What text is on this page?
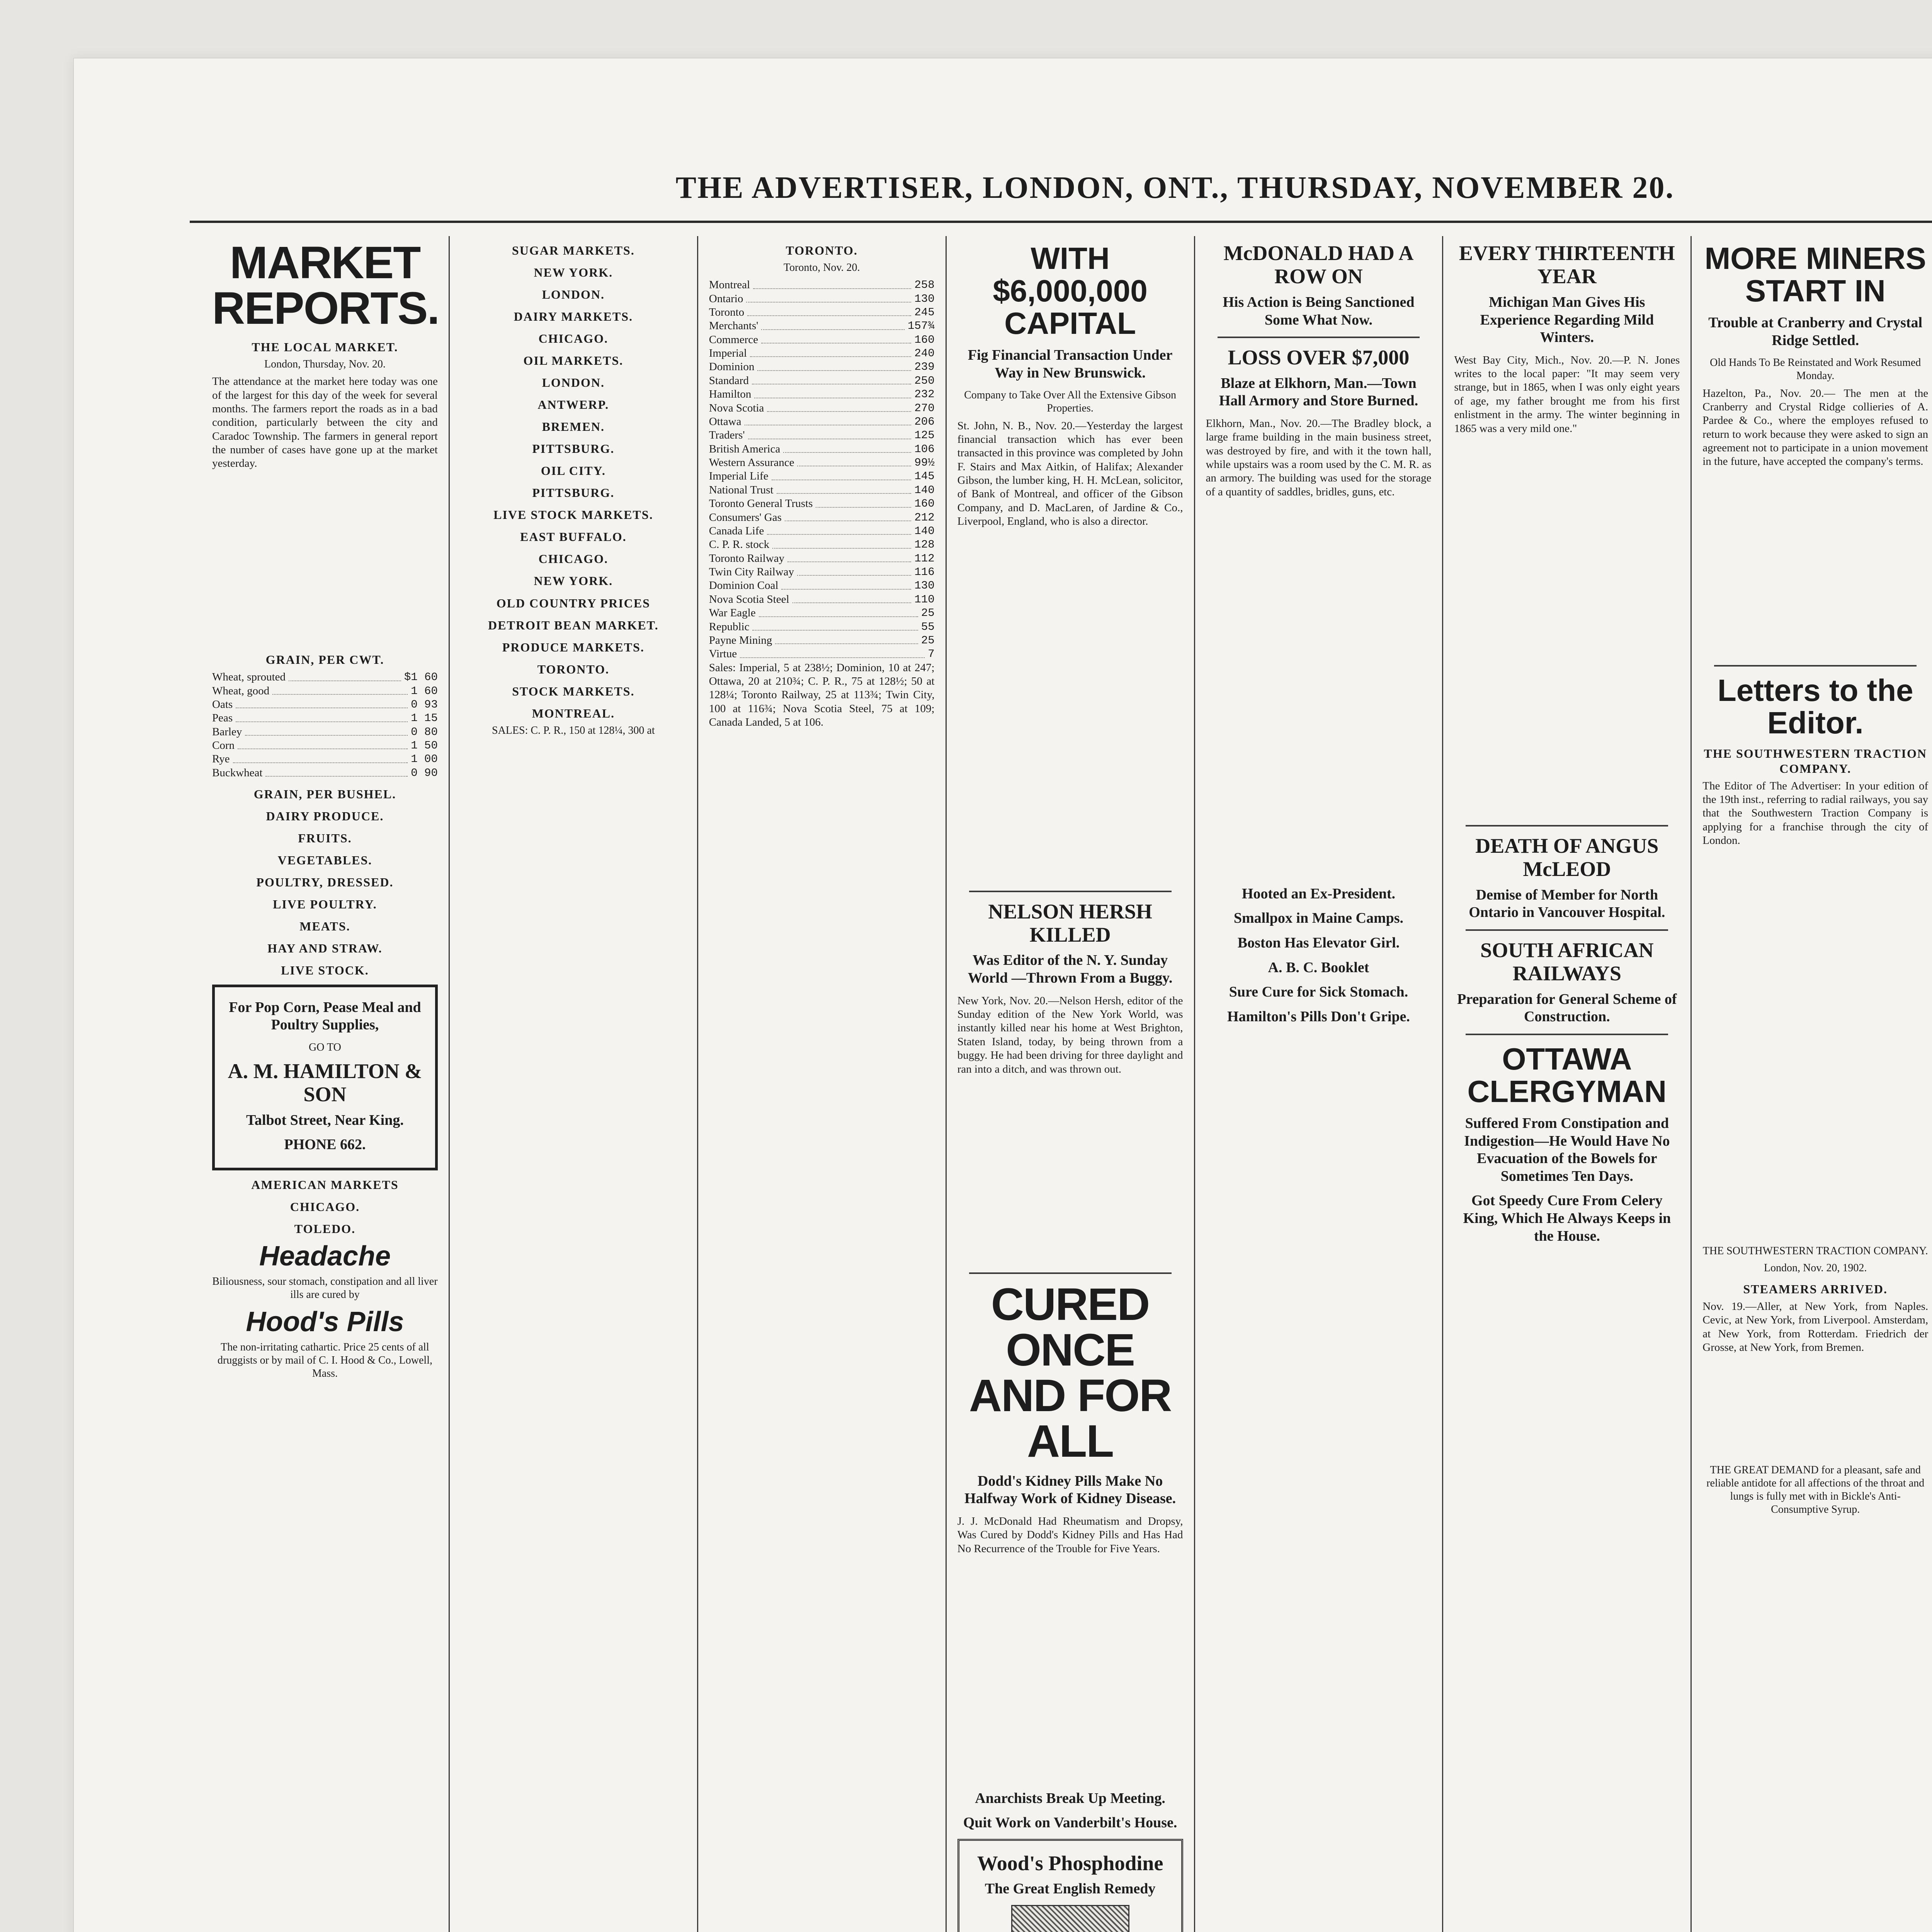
THE ADVERTISER, LONDON, ONT., THURSDAY, NOVEMBER 20.
MARKET REPORTS.
THE LOCAL MARKET.
London, Thursday, Nov. 20.

The attendance at the market here today was one of the largest for this day of the week for several months. The farmers report the roads as in a bad condition, particularly between the city and Caradoc Township. The farmers in general report the number of cases have gone up at the market yesterday.

GRAIN, PER CWT.
Wheat, sprouted	$1 60
Wheat, good	1 60
Oats	0 93
Peas	1 15
Barley	0 80
Corn	1 50
Rye	1 00
Buckwheat	0 90
GRAIN, PER BUSHEL.
DAIRY PRODUCE.
FRUITS.
VEGETABLES.
POULTRY, DRESSED.
LIVE POULTRY.
MEATS.
HAY AND STRAW.
LIVE STOCK.
For Pop Corn, Pease Meal and Poultry Supplies,
GO TO
A. M. HAMILTON & SON
Talbot Street, Near King.
PHONE 662.
AMERICAN MARKETS
CHICAGO.
TOLEDO.
Headache

Biliousness, sour stomach, constipation and all liver ills are cured by

Hood's Pills

The non-irritating cathartic. Price 25 cents of all druggists or by mail of C. I. Hood & Co., Lowell, Mass.

SUGAR MARKETS.
NEW YORK.
LONDON.
DAIRY MARKETS.
CHICAGO.
OIL MARKETS.
LONDON.
ANTWERP.
BREMEN.
PITTSBURG.
OIL CITY.
PITTSBURG.
LIVE STOCK MARKETS.
EAST BUFFALO.
CHICAGO.
NEW YORK.
OLD COUNTRY PRICES
DETROIT BEAN MARKET.
PRODUCE MARKETS.
TORONTO.
STOCK MARKETS.
MONTREAL.
SALES: C. P. R., 150 at 128¼, 300 at
TORONTO.
Toronto, Nov. 20.
Montreal	258
Ontario	130
Toronto	245
Merchants'	157¾
Commerce	160
Imperial	240
Dominion	239
Standard	250
Hamilton	232
Nova Scotia	270
Ottawa	206
Traders'	125
British America	106
Western Assurance	99½
Imperial Life	145
National Trust	140
Toronto General Trusts	160
Consumers' Gas	212
Canada Life	140
C. P. R. stock	128
Toronto Railway	112
Twin City Railway	116
Dominion Coal	130
Nova Scotia Steel	110
War Eagle	25
Republic	55
Payne Mining	25
Virtue	7

Sales: Imperial, 5 at 238½; Dominion, 10 at 247; Ottawa, 20 at 210¾; C. P. R., 75 at 128½; 50 at 128¼; Toronto Railway, 25 at 113¾; Twin City, 100 at 116¾; Nova Scotia Steel, 75 at 109; Canada Landed, 5 at 106.

WITH $6,000,000 CAPITAL
Fig Financial Transaction Under Way in New Brunswick.
Company to Take Over All the Extensive Gibson Properties.

St. John, N. B., Nov. 20.—Yesterday the largest financial transaction which has ever been transacted in this province was completed by John F. Stairs and Max Aitkin, of Halifax; Alexander Gibson, the lumber king, H. H. McLean, solicitor, of Bank of Montreal, and officer of the Gibson Company, and D. MacLaren, of Jardine & Co., Liverpool, England, who is also a director.

NELSON HERSH KILLED
Was Editor of the N. Y. Sunday World —Thrown From a Buggy.

New York, Nov. 20.—Nelson Hersh, editor of the Sunday edition of the New York World, was instantly killed near his home at West Brighton, Staten Island, today, by being thrown from a buggy. He had been driving for three daylight and ran into a ditch, and was thrown out.

CURED ONCE AND FOR ALL
Dodd's Kidney Pills Make No Halfway Work of Kidney Disease.

J. J. McDonald Had Rheumatism and Dropsy, Was Cured by Dodd's Kidney Pills and Has Had No Recurrence of the Trouble for Five Years.

Anarchists Break Up Meeting.
Quit Work on Vanderbilt's House.
Wood's Phosphodine
The Great English Remedy
McDONALD HAD A ROW ON
His Action is Being Sanctioned Some What Now.
LOSS OVER $7,000
Blaze at Elkhorn, Man.—Town Hall Armory and Store Burned.

Elkhorn, Man., Nov. 20.—The Bradley block, a large frame building in the main business street, was destroyed by fire, and with it the town hall, while upstairs was a room used by the C. M. R. as an armory. The building was used for the storage of a quantity of saddles, bridles, guns, etc.

Hooted an Ex-President.
Smallpox in Maine Camps.
Boston Has Elevator Girl.
A. B. C. Booklet
Sure Cure for Sick Stomach.
Hamilton's Pills Don't Gripe.
EVERY THIRTEENTH YEAR
Michigan Man Gives His Experience Regarding Mild Winters.

West Bay City, Mich., Nov. 20.—P. N. Jones writes to the local paper: "It may seem very strange, but in 1865, when I was only eight years of age, my father brought me from his first enlistment in the army. The winter beginning in 1865 was a very mild one."

DEATH OF ANGUS McLEOD
Demise of Member for North Ontario in Vancouver Hospital.
SOUTH AFRICAN RAILWAYS
Preparation for General Scheme of Construction.
OTTAWA CLERGYMAN
Suffered From Constipation and Indigestion—He Would Have No Evacuation of the Bowels for Sometimes Ten Days.
Got Speedy Cure From Celery King, Which He Always Keeps in the House.
MORE MINERS START IN
Trouble at Cranberry and Crystal Ridge Settled.
Old Hands To Be Reinstated and Work Resumed Monday.

Hazelton, Pa., Nov. 20.— The men at the Cranberry and Crystal Ridge collieries of A. Pardee & Co., where the employes refused to return to work because they were asked to sign an agreement not to participate in a union movement in the future, have accepted the company's terms.

Letters to the Editor.
THE SOUTHWESTERN TRACTION COMPANY.

The Editor of The Advertiser: In your edition of the 19th inst., referring to radial railways, you say that the Southwestern Traction Company is applying for a franchise through the city of London.

THE SOUTHWESTERN TRACTION COMPANY.
London, Nov. 20, 1902.
STEAMERS ARRIVED.

Nov. 19.—Aller, at New York, from Naples. Cevic, at New York, from Liverpool. Amsterdam, at New York, from Rotterdam. Friedrich der Grosse, at New York, from Bremen.

THE GREAT DEMAND for a pleasant, safe and reliable antidote for all affections of the throat and lungs is fully met with in Bickle's Anti-Consumptive Syrup.
